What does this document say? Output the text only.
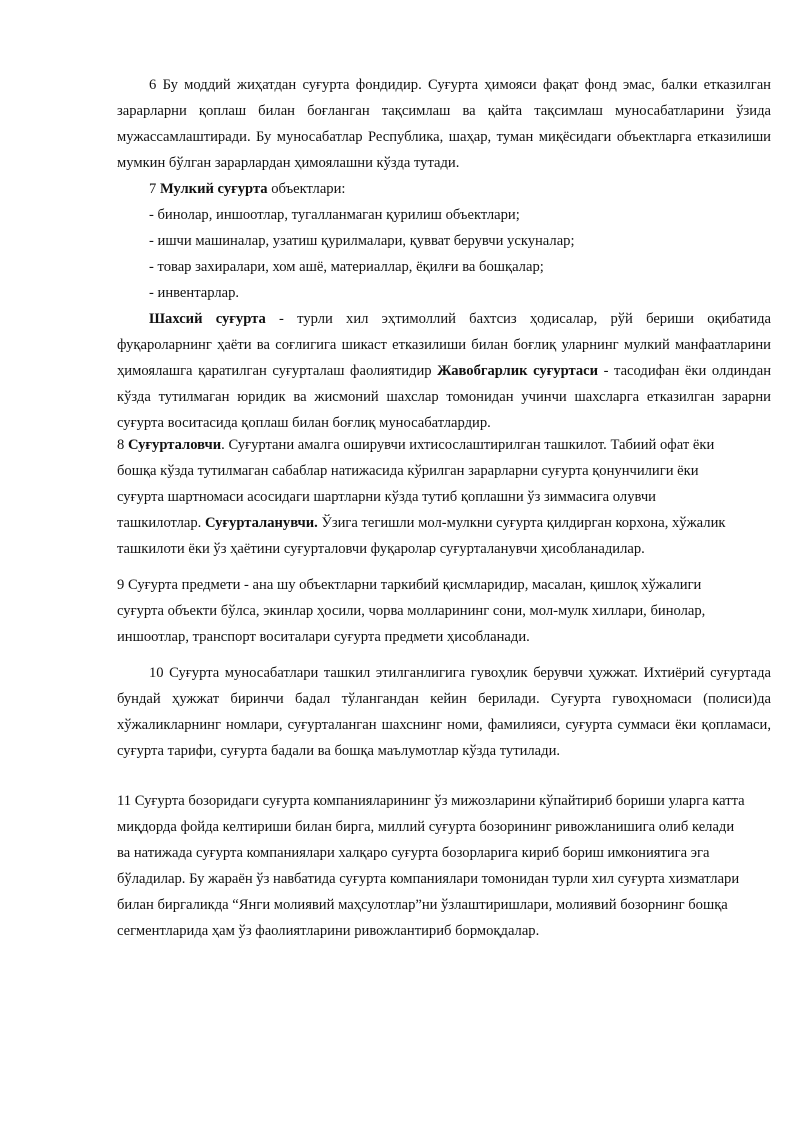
6 Бу моддий жиҳатдан суғурта фондидир. Суғурта ҳимояси фақат фонд эмас, балки етказилган зарарларни қоплаш билан боғланган тақсимлаш ва қайта тақсимлаш муносабатларини ўзида мужассамлаштиради. Бу муносабатлар Республика, шаҳар, туман миқёсидаги объектларга етказилиши мумкин бўлган зарарлардан ҳимоялашни кўзда тутади.

7 Мулкий суғурта объектлари:

- бинолар, иншоотлар, тугалланмаган қурилиш объектлари;

- ишчи машиналар, узатиш қурилмалари, қувват берувчи ускуналар;

- товар захиралари, хом ашё, материаллар, ёқилғи ва бошқалар;

- инвентарлар.

Шахсий суғурта - турли хил эҳтимоллий бахтсиз ҳодисалар, рўй бериши оқибатида фуқароларнинг ҳаёти ва соғлигига шикаст етказилиши билан боғлиқ уларнинг мулкий манфаатларини ҳимоялашга қаратилган суғурталаш фаолиятидир Жавобгарлик суғуртаси - тасодифан ёки олдиндан кўзда тутилмаган юридик ва жисмоний шахслар томонидан учинчи шахсларга етказилган зарарни суғурта воситасида қоплаш билан боғлиқ муносабатлардир.

8 Суғурталовчи. Суғуртани амалга оширувчи ихтисослаштирилган ташкилот. Табиий офат ёки бошқа кўзда тутилмаган сабаблар натижасида кўрилган зарарларни суғурта қонунчилиги ёки суғурта шартномаси асосидаги шартларни кўзда тутиб қоплашни ўз зиммасига олувчи ташкилотлар. Суғурталанувчи. Ўзига тегишли мол-мулкни суғурта қилдирган корхона, хўжалик ташкилоти ёки ўз ҳаётини суғурталовчи фуқаролар суғурталанувчи ҳисобланадилар.

9 Суғурта предмети - ана шу объектларни таркибий қисмларидир, масалан, қишлоқ хўжалиги суғурта объекти бўлса, экинлар ҳосили, чорва молларининг сони, мол-мулк хиллари, бинолар, иншоотлар, транспорт воситалари суғурта предмети ҳисобланади.

10 Суғурта муносабатлари ташкил этилганлигига гувоҳлик берувчи ҳужжат. Ихтиёрий суғуртада бундай ҳужжат биринчи бадал тўлангандан кейин берилади. Суғурта гувоҳномаси (полиси)да хўжаликларнинг номлари, суғурталанган шахснинг номи, фамилияси, суғурта суммаси ёки қопламаси, суғурта тарифи, суғурта бадали ва бошқа маълумотлар кўзда тутилади.

11 Суғурта бозоридаги суғурта компанияларининг ўз мижозларини кўпайтириб бориши уларга катта миқдорда фойда келтириши билан бирга, миллий суғурта бозорининг ривожланишига олиб келади ва натижада суғурта компаниялари халқаро суғурта бозорларига кириб бориш имкониятига эга бўладилар. Бу жараён ўз навбатида суғурта компаниялари томонидан турли хил суғурта хизматлари билан биргаликда “Янги молиявий маҳсулотлар”ни ўзлаштиришлари, молиявий бозорнинг бошқа сегментларида ҳам ўз фаолиятларини ривожлантириб бормоқдалар.
